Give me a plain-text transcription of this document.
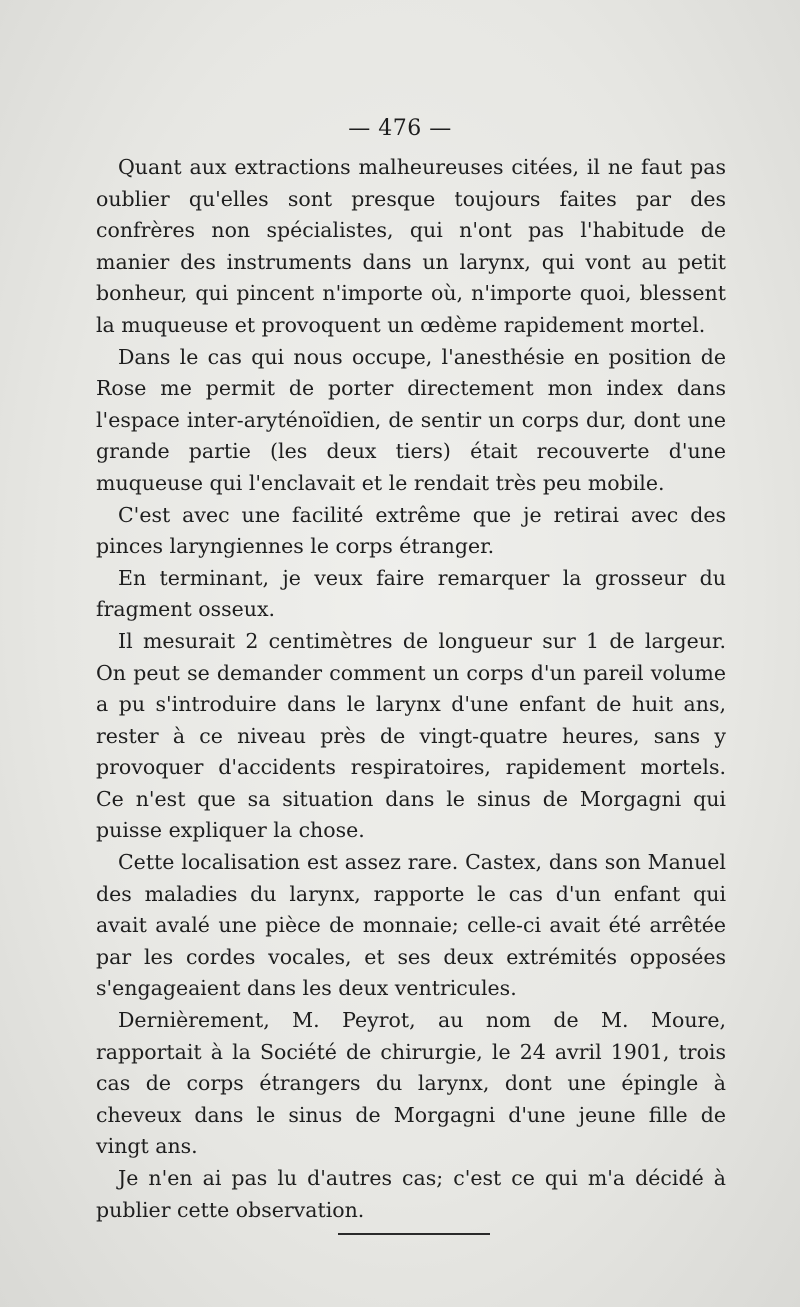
— 476 —

Quant aux extractions malheureuses citées, il ne faut pas oublier qu'elles sont presque toujours faites par des confrères non spécialistes, qui n'ont pas l'habitude de manier des instruments dans un larynx, qui vont au petit bonheur, qui pincent n'importe où, n'importe quoi, blessent la muqueuse et provoquent un œdème rapidement mortel.

Dans le cas qui nous occupe, l'anesthésie en position de Rose me permit de porter directement mon index dans l'espace inter-aryténoïdien, de sentir un corps dur, dont une grande partie (les deux tiers) était recouverte d'une muqueuse qui l'enclavait et le rendait très peu mobile.

C'est avec une facilité extrême que je retirai avec des pinces laryngiennes le corps étranger.

En terminant, je veux faire remarquer la grosseur du fragment osseux.

Il mesurait 2 centimètres de longueur sur 1 de largeur. On peut se demander comment un corps d'un pareil volume a pu s'introduire dans le larynx d'une enfant de huit ans, rester à ce niveau près de vingt-quatre heures, sans y provoquer d'accidents respiratoires, rapidement mortels. Ce n'est que sa situation dans le sinus de Morgagni qui puisse expliquer la chose.

Cette localisation est assez rare. Castex, dans son Manuel des maladies du larynx, rapporte le cas d'un enfant qui avait avalé une pièce de monnaie; celle-ci avait été arrêtée par les cordes vocales, et ses deux extrémités opposées s'engageaient dans les deux ventricules.

Dernièrement, M. Peyrot, au nom de M. Moure, rapportait à la Société de chirurgie, le 24 avril 1901, trois cas de corps étrangers du larynx, dont une épingle à cheveux dans le sinus de Morgagni d'une jeune fille de vingt ans.

Je n'en ai pas lu d'autres cas; c'est ce qui m'a décidé à publier cette observation.
